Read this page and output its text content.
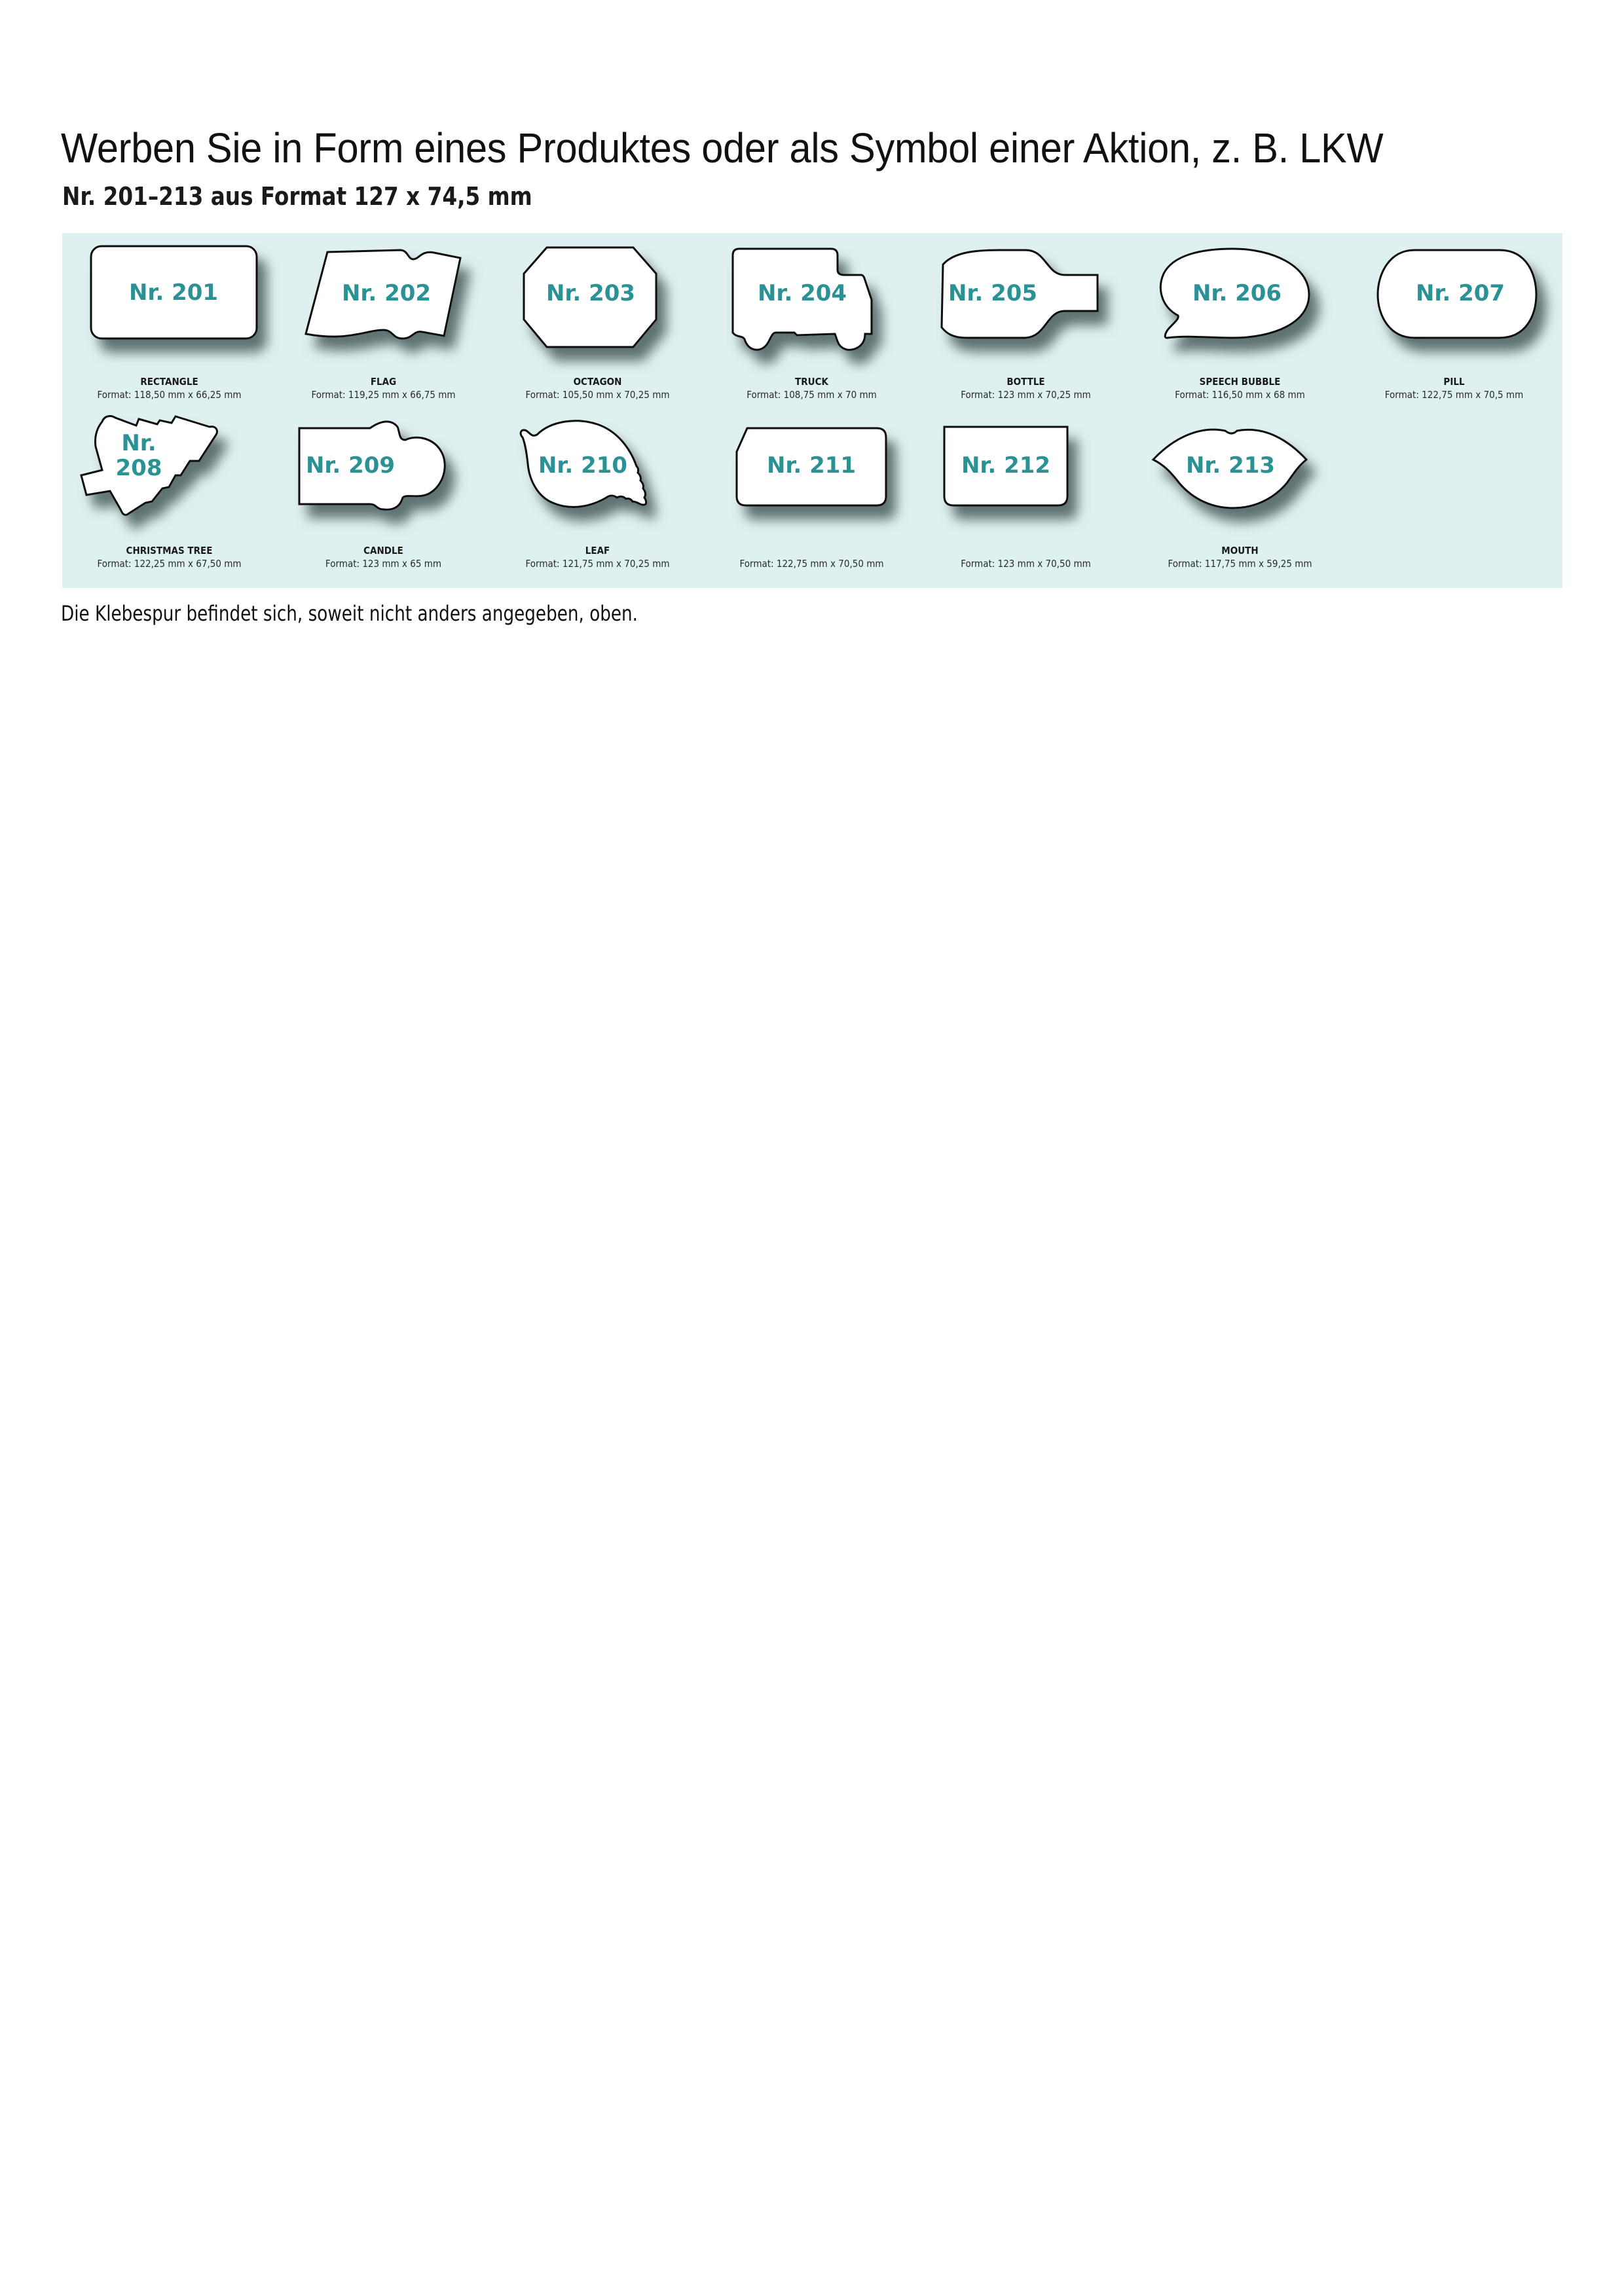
Werben Sie in Form eines Produktes oder als Symbol einer Aktion, z. B. LKW
Nr. 201–213 aus Format 127 x 74,5 mm
Nr. 201
RECTANGLE
Format: 118,50 mm x 66,25 mm
Nr. 202
FLAG
Format: 119,25 mm x 66,75 mm
Nr. 203
OCTAGON
Format: 105,50 mm x 70,25 mm
Nr. 204
TRUCK
Format: 108,75 mm x 70 mm
Nr. 205
BOTTLE
Format: 123 mm x 70,25 mm
Nr. 206
SPEECH BUBBLE
Format: 116,50 mm x 68 mm
Nr. 207
PILL
Format: 122,75 mm x 70,5 mm
Nr.
208
CHRISTMAS TREE
Format: 122,25 mm x 67,50 mm
Nr. 209
CANDLE
Format: 123 mm x 65 mm
Nr. 210
LEAF
Format: 121,75 mm x 70,25 mm
Nr. 211
Format: 122,75 mm x 70,50 mm
Nr. 212
Format: 123 mm x 70,50 mm
Nr. 213
MOUTH
Format: 117,75 mm x 59,25 mm
Die Klebespur befindet sich, soweit nicht anders angegeben, oben.
